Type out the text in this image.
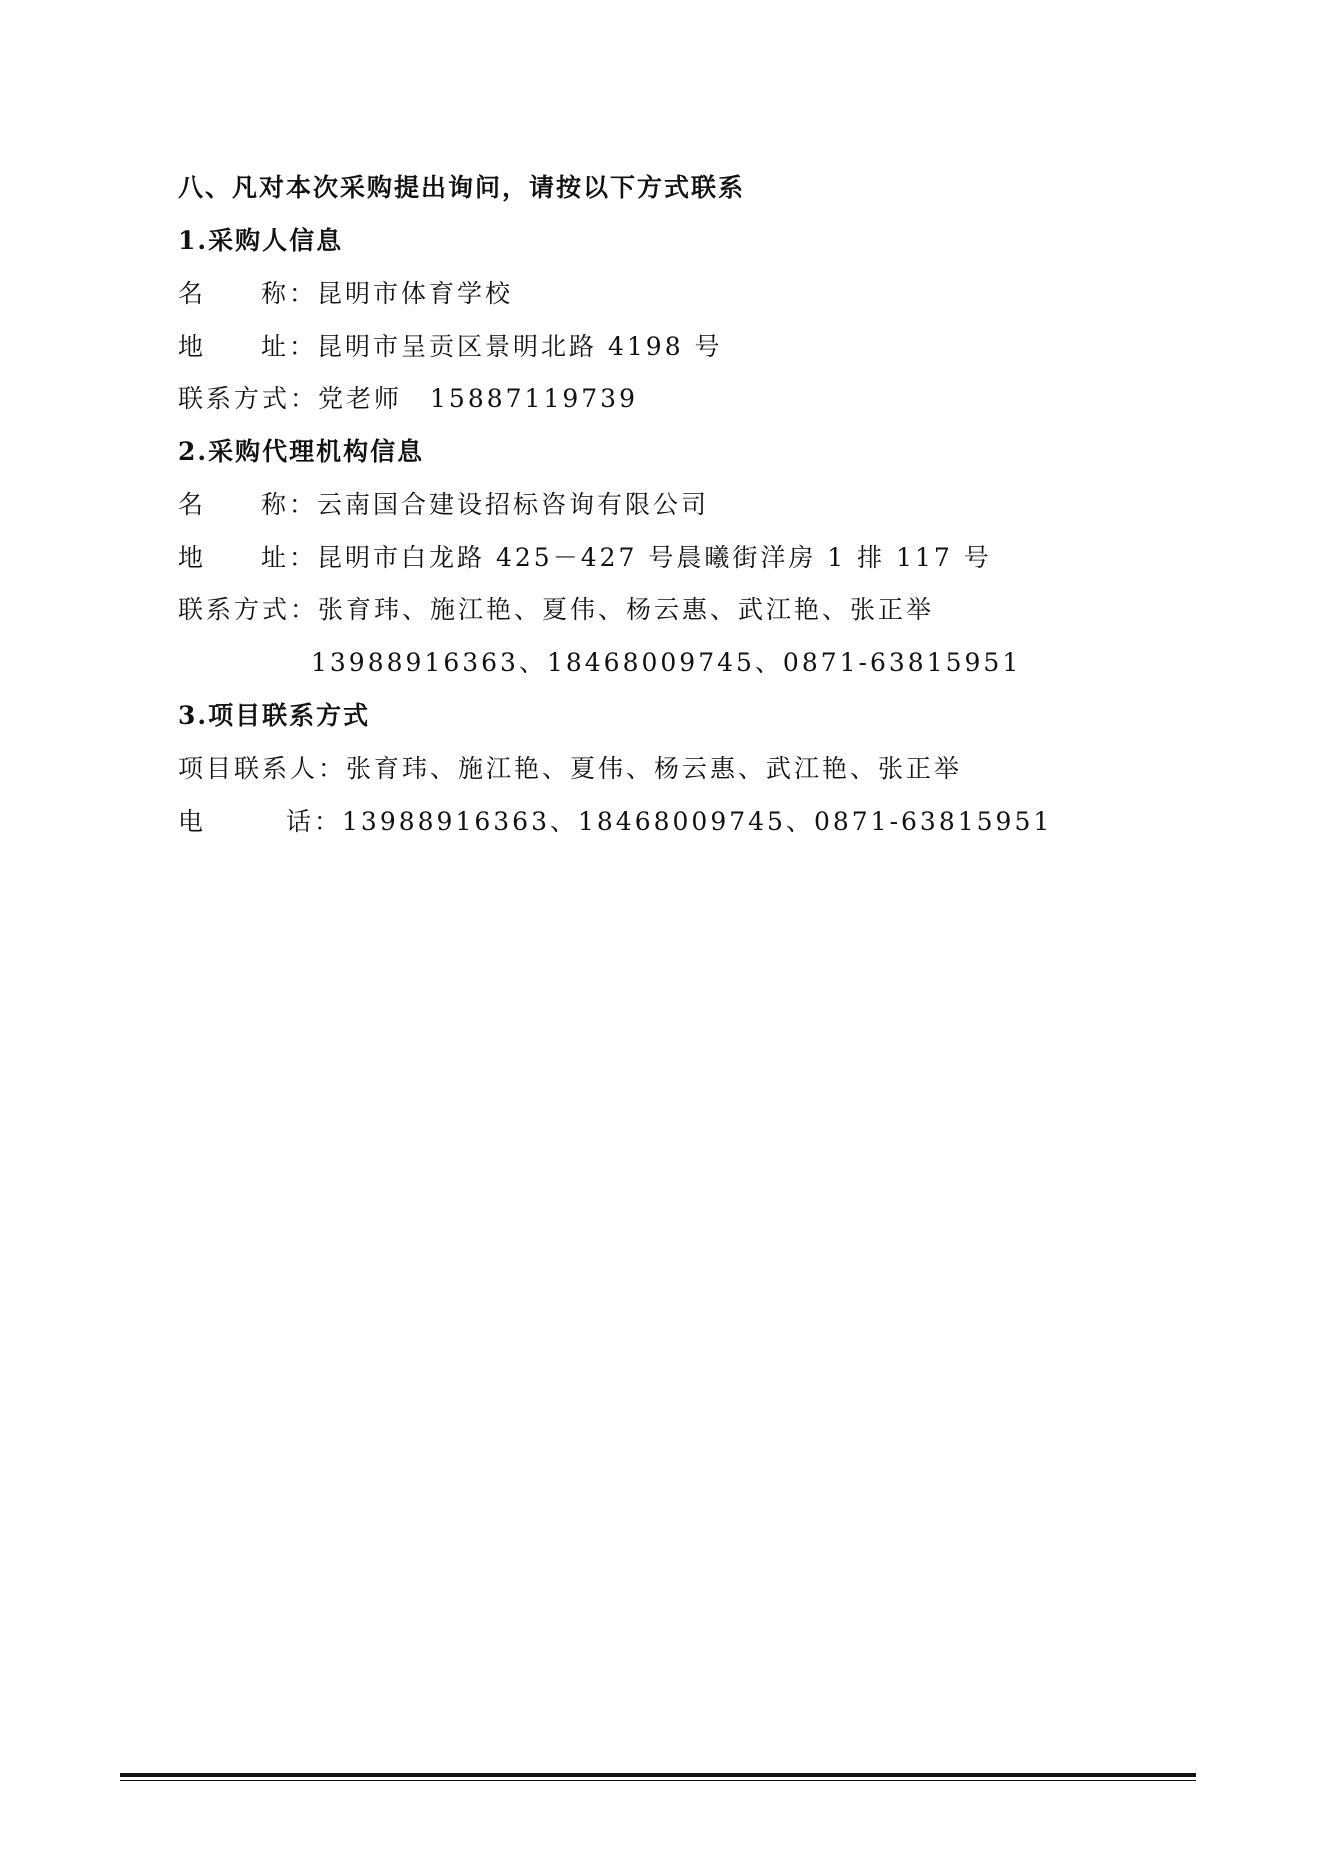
八、凡对本次采购提出询问，请按以下方式联系
1.采购人信息
名 称：昆明市体育学校
地 址：昆明市呈贡区景明北路 4198 号
联系方式：党老师　15887119739
2.采购代理机构信息
名 称：云南国合建设招标咨询有限公司
地 址：昆明市白龙路 425－427 号晨曦街洋房 1 排 117 号
联系方式：张育玮、施江艳、夏伟、杨云惠、武江艳、张正举
13988916363、18468009745、0871-63815951
3.项目联系方式
项目联系人：张育玮、施江艳、夏伟、杨云惠、武江艳、张正举
电	话：13988916363、18468009745、0871-63815951
